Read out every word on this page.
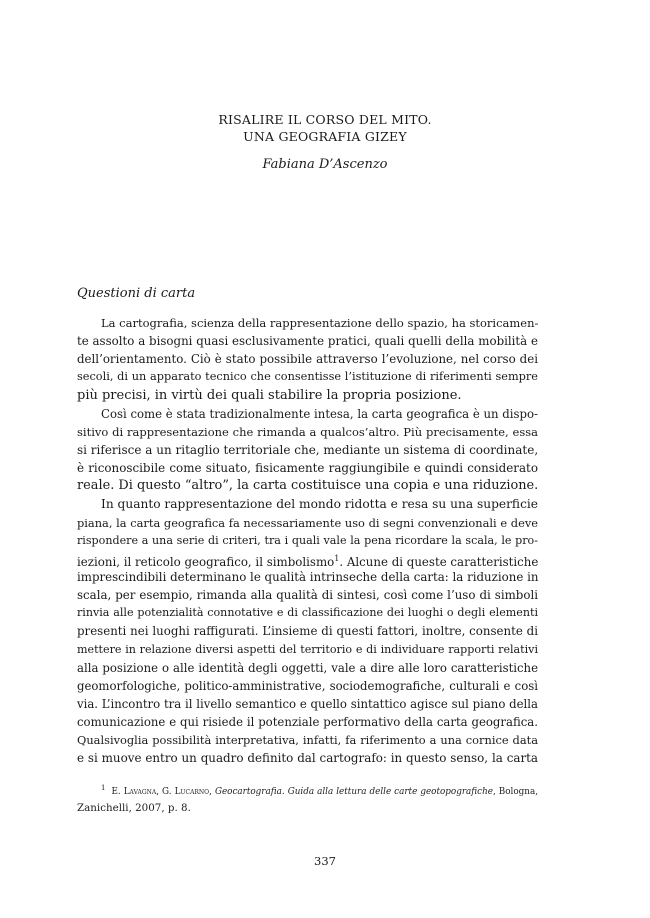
RISALIRE IL CORSO DEL MITO.
UNA GEOGRAFIA GIZEY
Fabiana D’Ascenzo
Questioni di carta
La cartografia, scienza della rappresentazione dello spazio, ha storicamen-
te assolto a bisogni quasi esclusivamente pratici, quali quelli della mobilità e
dell’orientamento. Ciò è stato possibile attraverso l’evoluzione, nel corso dei
secoli, di un apparato tecnico che consentisse l’istituzione di riferimenti sempre
più precisi, in virtù dei quali stabilire la propria posizione.
Così come è stata tradizionalmente intesa, la carta geografica è un dispo-
sitivo di rappresentazione che rimanda a qualcos’altro. Più precisamente, essa
si riferisce a un ritaglio territoriale che, mediante un sistema di coordinate,
è riconoscibile come situato, fisicamente raggiungibile e quindi considerato
reale. Di questo “altro”, la carta costituisce una copia e una riduzione.
In quanto rappresentazione del mondo ridotta e resa su una superficie
piana, la carta geografica fa necessariamente uso di segni convenzionali e deve
rispondere a una serie di criteri, tra i quali vale la pena ricordare la scala, le pro-
iezioni, il reticolo geografico, il simbolismo$^1$. Alcune di queste caratteristiche
imprescindibili determinano le qualità intrinseche della carta: la riduzione in
scala, per esempio, rimanda alla qualità di sintesi, così come l’uso di simboli
rinvia alle potenzialità connotative e di classificazione dei luoghi o degli elementi
presenti nei luoghi raffigurati. L’insieme di questi fattori, inoltre, consente di
mettere in relazione diversi aspetti del territorio e di individuare rapporti relativi
alla posizione o alle identità degli oggetti, vale a dire alle loro caratteristiche
geomorfologiche, politico-amministrative, sociodemografiche, culturali e così
via. L’incontro tra il livello semantico e quello sintattico agisce sul piano della
comunicazione e qui risiede il potenziale performativo della carta geografica.
Qualsivoglia possibilità interpretativa, infatti, fa riferimento a una cornice data
e si muove entro un quadro definito dal cartografo: in questo senso, la carta
$^1$ E. Lavagna, G. Lucarno, Geocartografia. Guida alla lettura delle carte geotopografiche, Bologna,
Zanichelli, 2007, p. 8.
337
